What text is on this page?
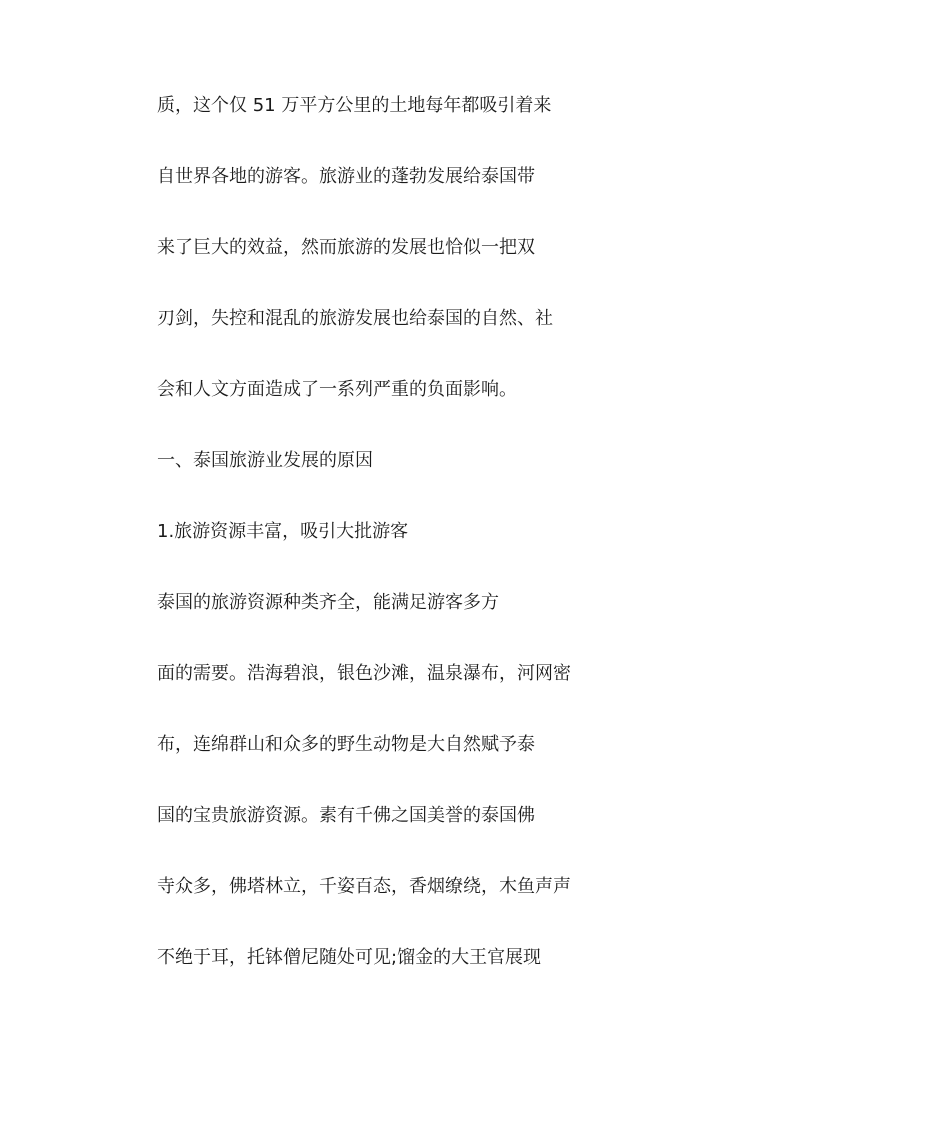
质，这个仅 51 万平方公里的土地每年都吸引着来
自世界各地的游客。旅游业的蓬勃发展给泰国带
来了巨大的效益，然而旅游的发展也恰似一把双
刃剑，失控和混乱的旅游发展也给泰国的自然、社
会和人文方面造成了一系列严重的负面影响。
一、泰国旅游业发展的原因
1.旅游资源丰富，吸引大批游客
泰国的旅游资源种类齐全，能满足游客多方
面的需要。浩海碧浪，银色沙滩，温泉瀑布，河网密
布，连绵群山和众多的野生动物是大自然赋予泰
国的宝贵旅游资源。素有千佛之国美誉的泰国佛
寺众多，佛塔林立，千姿百态，香烟缭绕，木鱼声声
不绝于耳，托钵僧尼随处可见;馏金的大王官展现
